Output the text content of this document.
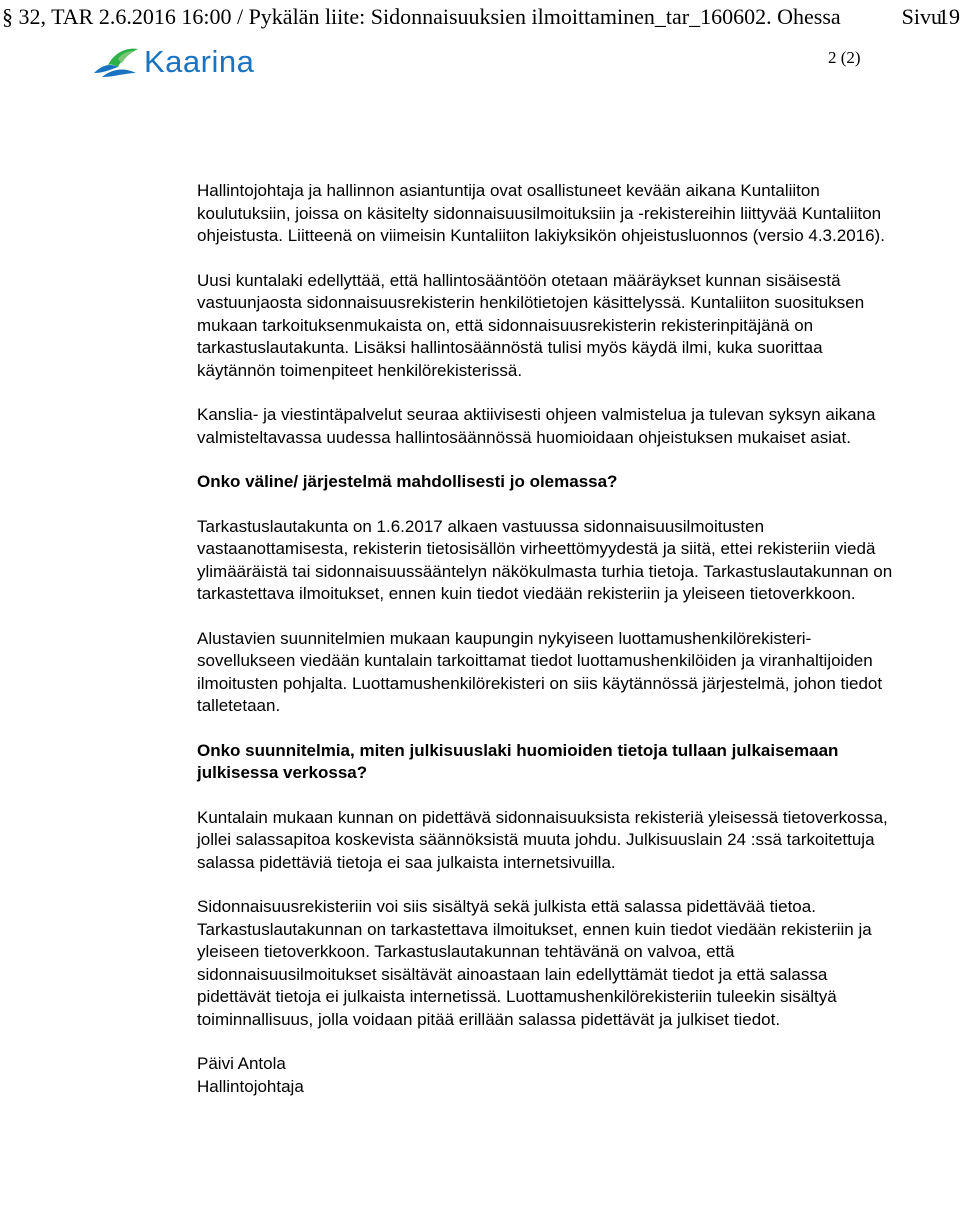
§ 32, TAR 2.6.2016 16:00 / Pykälän liite: Sidonnaisuuksien ilmoittaminen_tar_160602. Ohessa	Sivu
19
Kaarina	2 (2)

Hallintojohtaja ja hallinnon asiantuntija ovat osallistuneet kevään aikana Kuntaliiton koulutuksiin, joissa on käsitelty sidonnaisuusilmoituksiin ja -rekistereihin liittyvää Kuntaliiton ohjeistusta. Liitteenä on viimeisin Kuntaliiton lakiyksikön ohjeistusluonnos (versio 4.3.2016).

Uusi kuntalaki edellyttää, että hallintosääntöön otetaan määräykset kunnan sisäisestä vastuunjaosta sidonnaisuusrekisterin henkilötietojen käsittelyssä. Kuntaliiton suosituksen mukaan tarkoituksenmukaista on, että sidonnaisuusrekisterin rekisterinpitäjänä on tarkastuslautakunta. Lisäksi hallintosäännöstä tulisi myös käydä ilmi, kuka suorittaa käytännön toimenpiteet henkilörekisterissä.

Kanslia- ja viestintäpalvelut seuraa aktiivisesti ohjeen valmistelua ja tulevan syksyn aikana valmisteltavassa uudessa hallintosäännössä huomioidaan ohjeistuksen mukaiset asiat.

Onko väline/ järjestelmä mahdollisesti jo olemassa?

Tarkastuslautakunta on 1.6.2017 alkaen vastuussa sidonnaisuusilmoitusten vastaanottamisesta, rekisterin tietosisällön virheettömyydestä ja siitä, ettei rekisteriin viedä ylimääräistä tai sidonnaisuussääntelyn näkökulmasta turhia tietoja. Tarkastuslautakunnan on tarkastettava ilmoitukset, ennen kuin tiedot viedään rekisteriin ja yleiseen tietoverkkoon.

Alustavien suunnitelmien mukaan kaupungin nykyiseen luottamushenkilörekisteri-sovellukseen viedään kuntalain tarkoittamat tiedot luottamushenkilöiden ja viranhaltijoiden ilmoitusten pohjalta. Luottamushenkilörekisteri on siis käytännössä järjestelmä, johon tiedot talletetaan.

Onko suunnitelmia, miten julkisuuslaki huomioiden tietoja tullaan julkaisemaan julkisessa verkossa?

Kuntalain mukaan kunnan on pidettävä sidonnaisuuksista rekisteriä yleisessä tietoverkossa, jollei salassapitoa koskevista säännöksistä muuta johdu. Julkisuuslain 24 :ssä tarkoitettuja salassa pidettäviä tietoja ei saa julkaista internetsivuilla.

Sidonnaisuusrekisteriin voi siis sisältyä sekä julkista että salassa pidettävää tietoa. Tarkastuslautakunnan on tarkastettava ilmoitukset, ennen kuin tiedot viedään rekisteriin ja yleiseen tietoverkkoon. Tarkastuslautakunnan tehtävänä on valvoa, että sidonnaisuusilmoitukset sisältävät ainoastaan lain edellyttämät tiedot ja että salassa pidettävät tietoja ei julkaista internetissä. Luottamushenkilörekisteriin tuleekin sisältyä toiminnallisuus, jolla voidaan pitää erillään salassa pidettävät ja julkiset tiedot.

Päivi Antola

Hallintojohtaja
